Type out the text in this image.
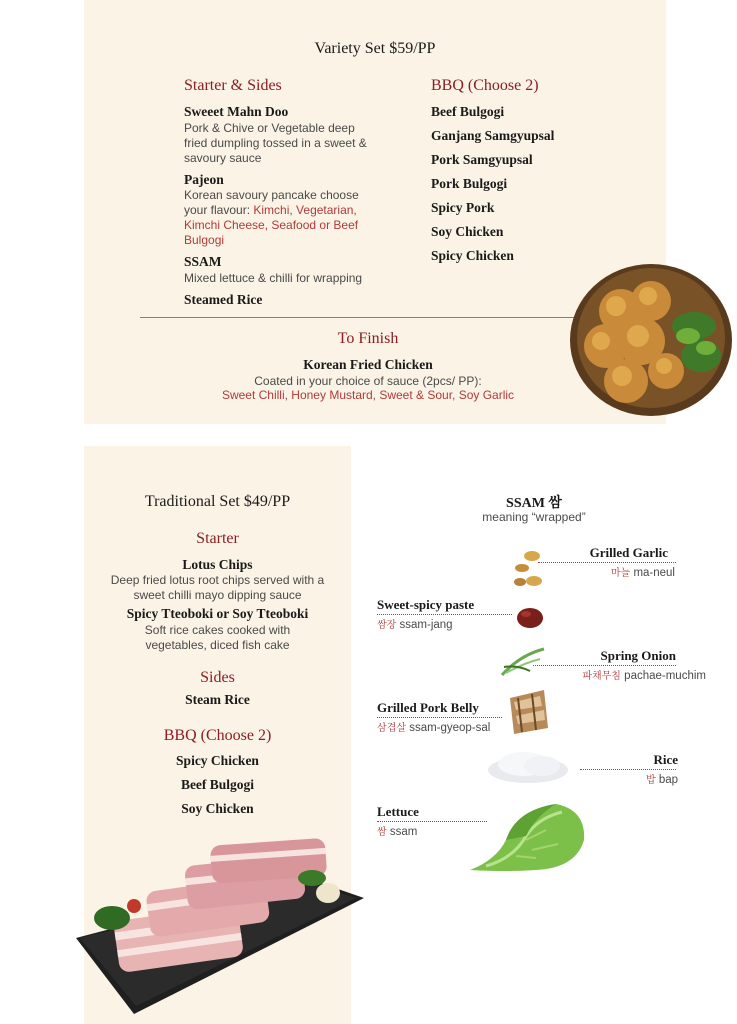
Variety Set $59/PP
Starter & Sides
Sweeet Mahn Doo
Pork & Chive or Vegetable deep fried dumpling tossed in a sweet & savoury sauce
Pajeon
Korean savoury pancake choose your flavour: Kimchi, Vegetarian, Kimchi Cheese, Seafood or Beef Bulgogi
SSAM
Mixed lettuce & chilli for wrapping
Steamed Rice
BBQ (Choose 2)
Beef Bulgogi
Ganjang Samgyupsal
Pork Samgyupsal
Pork Bulgogi
Spicy Pork
Soy Chicken
Spicy Chicken
To Finish
Korean Fried Chicken
Coated in your choice of sauce (2pcs/ PP):
Sweet Chilli, Honey Mustard, Sweet & Sour, Soy Garlic
Traditional Set $49/PP
Starter
Lotus Chips
Deep fried lotus root chips served with a sweet chilli mayo dipping sauce
Spicy Tteoboki or Soy Tteoboki
Soft rice cakes cooked with vegetables, diced fish cake
Sides
Steam Rice
BBQ (Choose 2)
Spicy Chicken
Beef Bulgogi
Soy Chicken
SSAM 쌈
meaning “wrapped”
Grilled Garlic
마늘 ma-neul
Sweet-spicy paste
쌈장 ssam-jang
Spring Onion
파채무침 pachae-muchim
Grilled Pork Belly
삼겹살 ssam-gyeop-sal
Rice
밥 bap
Lettuce
쌈 ssam
